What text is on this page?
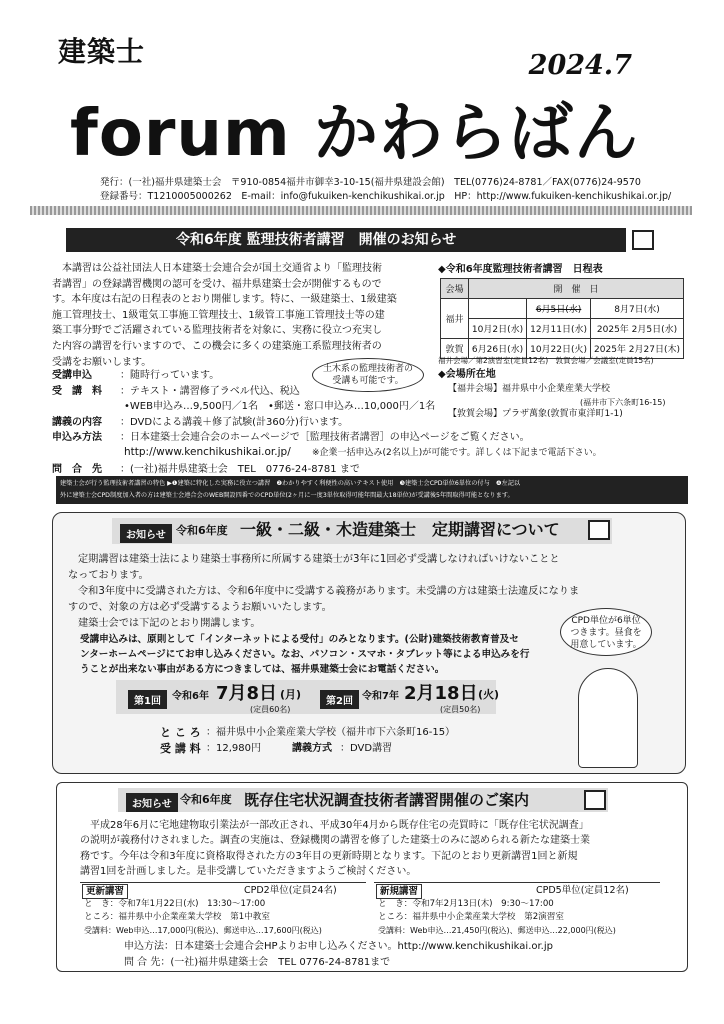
建築士	2024.7
forum かわらばん
発行：(一社)福井県建築士会　〒910-0854福井市御幸3-10-15(福井県建設会館)　TEL(0776)24-8781／FAX(0776)24-9570
登録番号：T1210005000262　E-mail：info@fukuiken-kenchikushikai.or.jp　HP：http://www.fukuiken-kenchikushikai.or.jp/
令和6年度 監理技術者講習　開催のお知らせ
本講習は公益社団法人日本建築士会連合会が国土交通省より「監理技術
者講習」の登録講習機関の認可を受け、福井県建築士会が開催するもので
す。本年度は右記の日程表のとおり開催します。特に、一級建築士、1級建築
施工管理技士、1級電気工事施工管理技士、1級管工事施工管理技士等の建
築工事分野でご活躍されている監理技術者を対象に、実務に役立つ充実し
た内容の講習を行いますので、この機会に多くの建築施工系監理技術者の
受講をお願いします。
土木系の監理技術者の
受講も可能です。
受講申込	：随時行っています。
受　講　料 ：テキスト・講習修了ラベル代込、税込
•WEB申込み…9,500円／1名　•郵送・窓口申込み…10,000円／1名
講義の内容 ：DVDによる講義＋修了試験(計360分)行います。
申込み方法 ：日本建築士会連合会のホームページで［監理技術者講習］の申込ページをご覧ください。
http://www.kenchikushikai.or.jp/ ※企業一括申込み(2名以上)が可能です。詳しくは下記まで電話下さい。
問　合　先 ：(一社)福井県建築士会　TEL　0776-24-8781 まで
◆令和6年度監理技術者講習　日程表
会場	開　催　日		
福井		6月5日(水)	8月7日(水)
	10月2日(水)	12月11日(水)	2025年 2月5日(水)
敦賀	6月26日(水)	10月22日(火)	2025年 2月27日(木)
福井会場／第2演習室(定員12名)　敦賀会場／会議室(定員15名)
◆会場所在地
【福井会場】福井県中小企業産業大学校
(福井市下六条町16-15)
【敦賀会場】プラザ萬象(敦賀市東洋町1-1)
建築士会が行う監理技術者講習の特色 ▶❶建築に特化した実務に役立つ講習　❷わかりやすく利便性の高いテキスト使用　❸建築士会CPD単位6単位の付与　❹左記以
外に建築士会CPD制度加入者の方は建築士会連合会のWEB開設四番でのCPD単位(2ヶ月に一度3単位取得可能年間最大18単位)が受講後5年間取得可能となります。
お知らせ 令和6年度 一級・二級・木造建築士　定期講習について
定期講習は建築士法により建築士事務所に所属する建築士が3年に1回必ず受講しなければいけないことと
なっております。
令和3年度中に受講された方は、令和6年度中に受講する義務があります。未受講の方は建築士法違反になりま
すので、対象の方は必ず受講するようお願いいたします。
建築士会では下記のとおり開講します。
受講申込みは、原則として「インターネットによる受付」のみとなります。(公財)建築技術教育普及セ
ンターホームページにてお申し込みください。なお、パソコン・スマホ・タブレット等による申込みを行
うことが出来ない事由がある方につきましては、福井県建築士会にお電話ください。
CPD単位が6単位
つきます。昼食を
用意しています。
第1回	令和6年 7月8日 (月)
(定員60名)
第2回 令和7年 2月18日 (火)
(定員50名)
と こ ろ ：福井県中小企業産業大学校（福井市下六条町16-15）
受 講 料 ：12,980円	講義方式 ：DVD講習
お知らせ 令和6年度 既存住宅状況調査技術者講習開催のご案内
平成28年6月に宅地建物取引業法が一部改正され、平成30年4月から既存住宅の売買時に「既存住宅状況調査」
の説明が義務付けされました。調査の実施は、登録機関の講習を修了した建築士のみに認められる新たな建築士業
務です。今年は令和3年度に資格取得された方の3年目の更新時期となります。下記のとおり更新講習1回と新規
講習1回を計画しました。是非受講していただきますようご検討ください。
更新講習	CPD2単位(定員24名)
と　き：令和7年1月22日(水)　13:30～17:00
ところ：福井県中小企業産業大学校　第1中教室
受講料：Web申込…17,000円(税込)、郵送申込…17,600円(税込)
新規講習	CPD5単位(定員12名)
と　き：令和7年2月13日(木)　9:30～17:00
ところ：福井県中小企業産業大学校　第2演習室
受講料：Web申込…21,450円(税込)、郵送申込…22,000円(税込)
申込方法：日本建築士会連合会HPよりお申し込みください。http://www.kenchikushikai.or.jp
問 合 先：(一社)福井県建築士会　TEL 0776-24-8781まで
